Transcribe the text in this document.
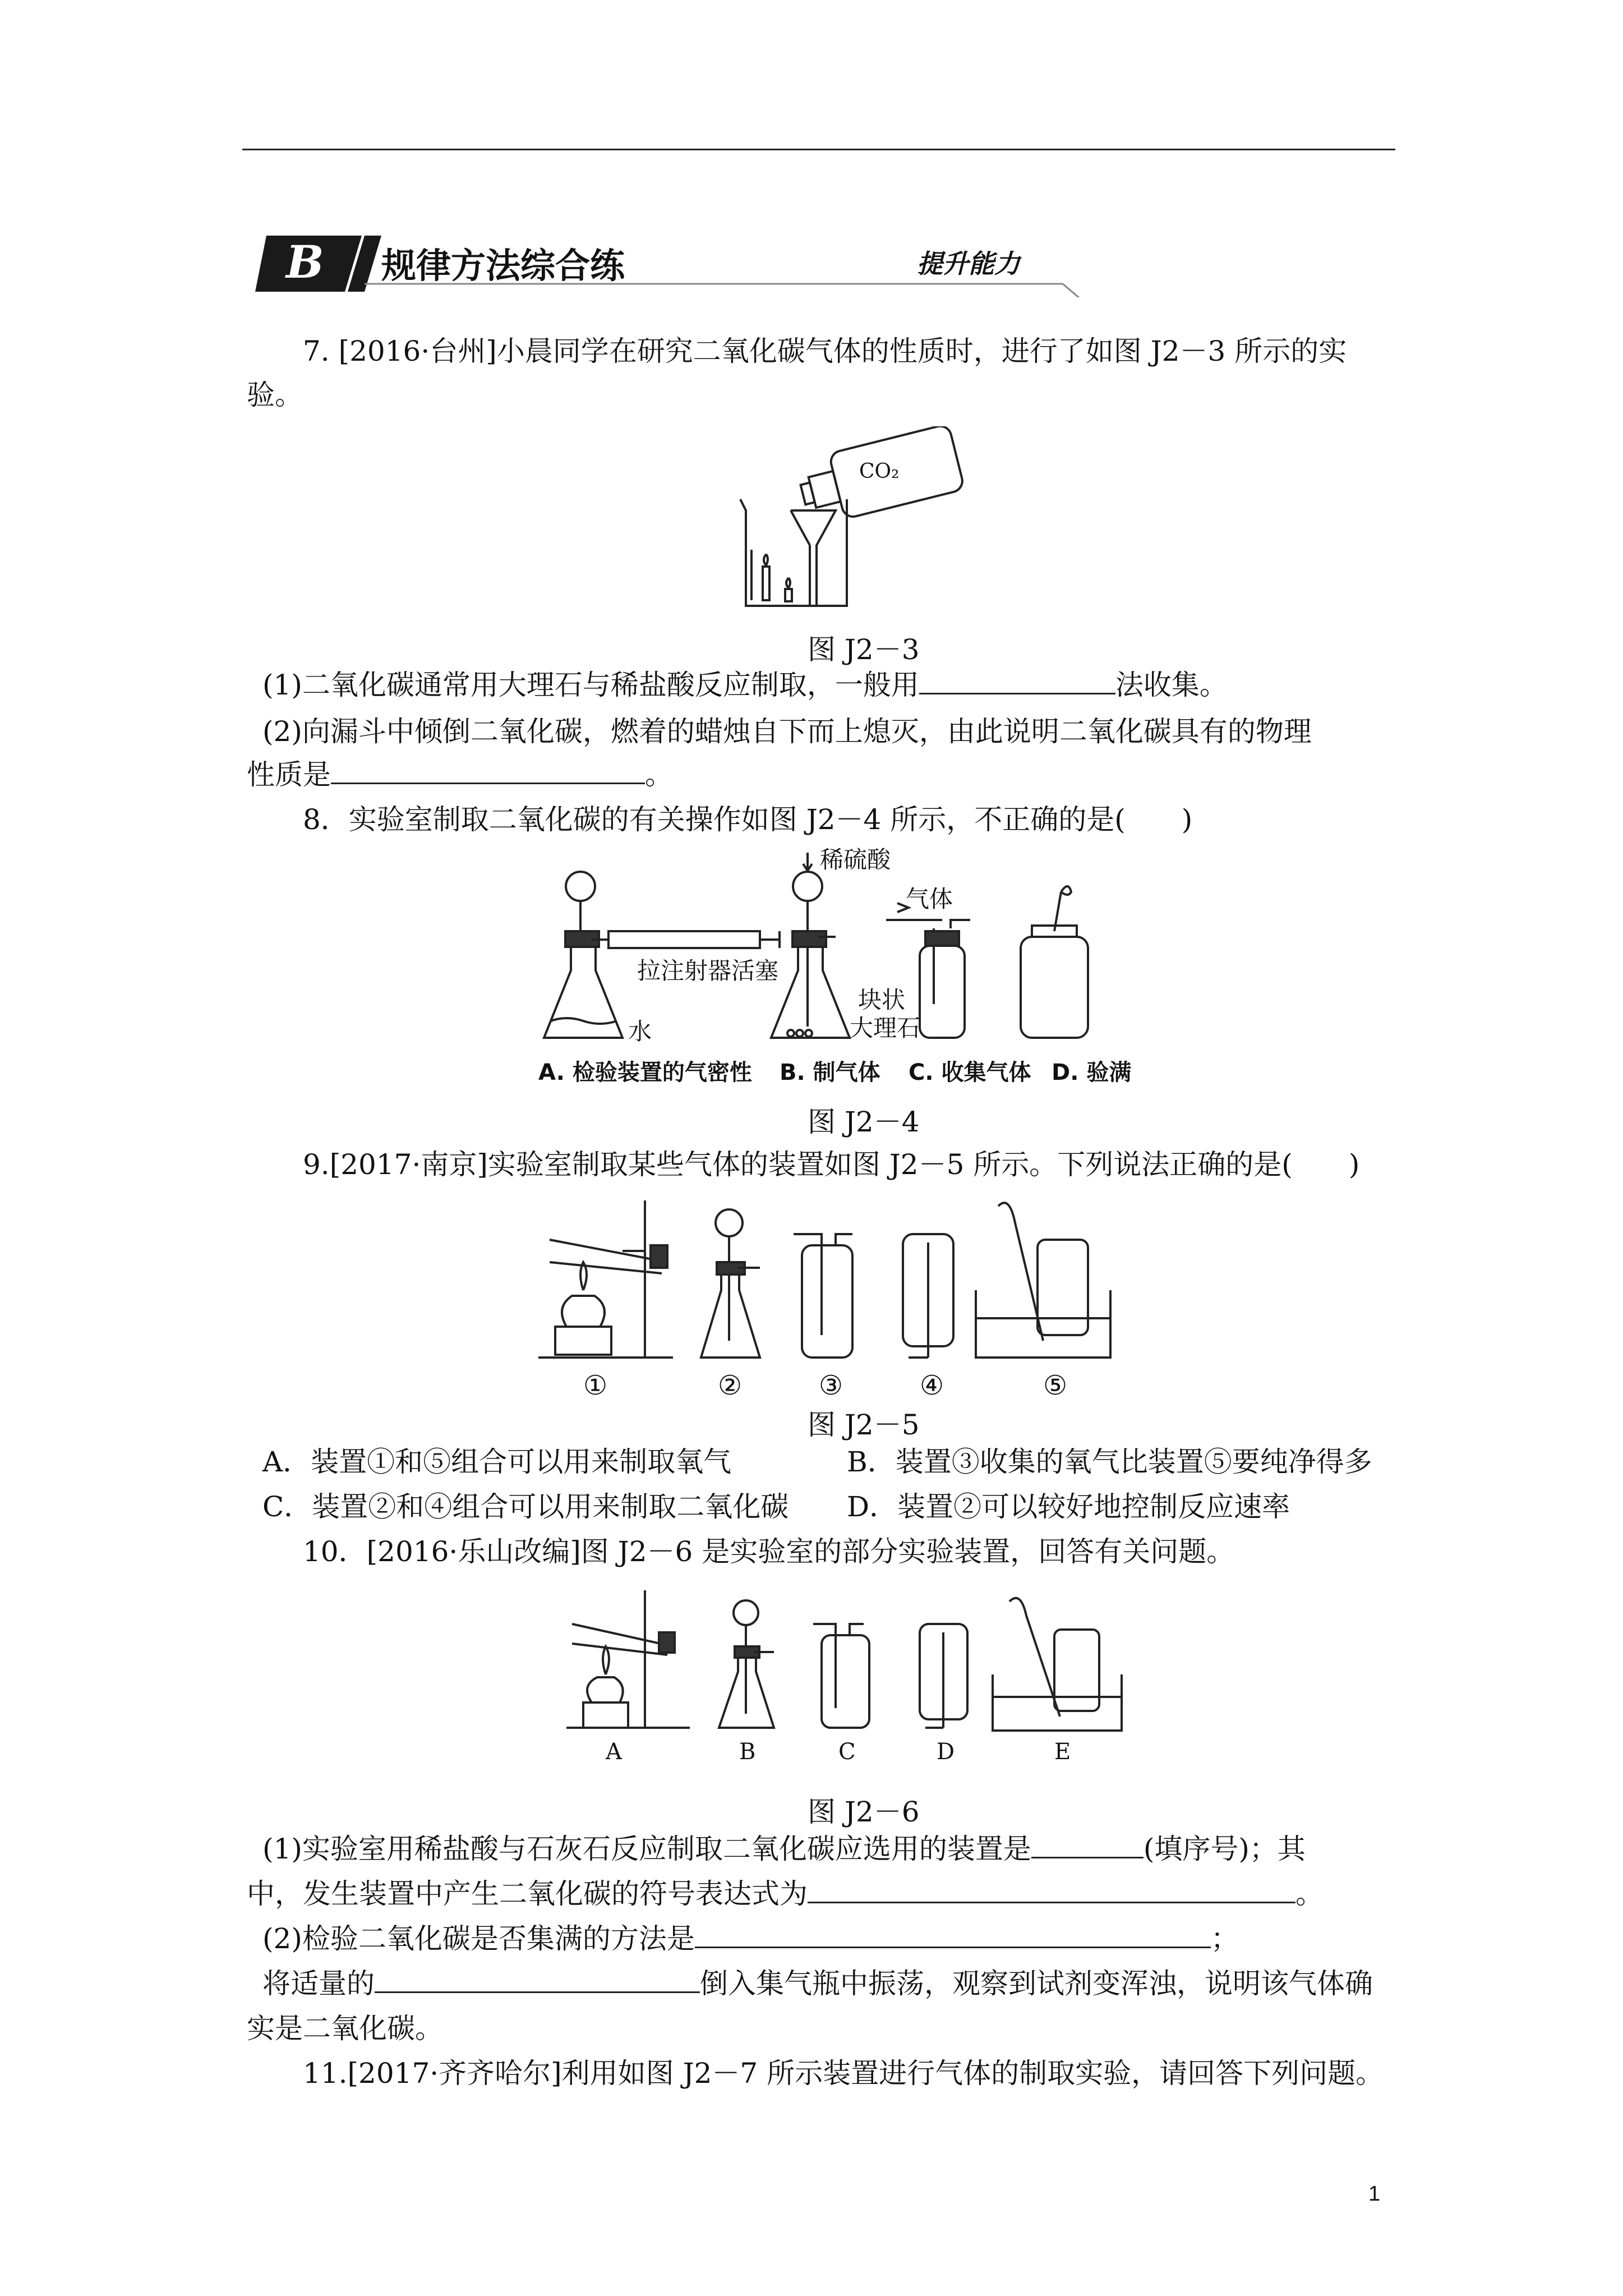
B 规律方法综合练	提升能力
7. [2016·台州]小晨同学在研究二氧化碳气体的性质时，进行了如图 J2－3 所示的实
验。
CO₂
图 J2－3
(1)二氧化碳通常用大理石与稀盐酸反应制取，一般用	法收集。
(2)向漏斗中倾倒二氧化碳，燃着的蜡烛自下而上熄灭，由此说明二氧化碳具有的物理
性质是	。
8．实验室制取二氧化碳的有关操作如图 J2－4 所示，不正确的是(　　)
稀硫酸
拉注射器活塞
水
块状
大理石
气体
A. 检验装置的气密性 B. 制气体 C. 收集气体 D. 验满
图 J2－4
9.[2017·南京]实验室制取某些气体的装置如图 J2－5 所示。下列说法正确的是(　　)
①	②	③	④	⑤
图 J2－5
A．装置①和⑤组合可以用来制取氧气	B．装置③收集的氧气比装置⑤要纯净得多
C．装置②和④组合可以用来制取二氧化碳 D．装置②可以较好地控制反应速率
10．[2016·乐山改编]图 J2－6 是实验室的部分实验装置，回答有关问题。
A	B	C	D	E
图 J2－6
(1)实验室用稀盐酸与石灰石反应制取二氧化碳应选用的装置是	(填序号)；其
中，发生装置中产生二氧化碳的符号表达式为	。
(2)检验二氧化碳是否集满的方法是	；
将适量的	倒入集气瓶中振荡，观察到试剂变浑浊，说明该气体确
实是二氧化碳。
11.[2017·齐齐哈尔]利用如图 J2－7 所示装置进行气体的制取实验，请回答下列问题。
1
